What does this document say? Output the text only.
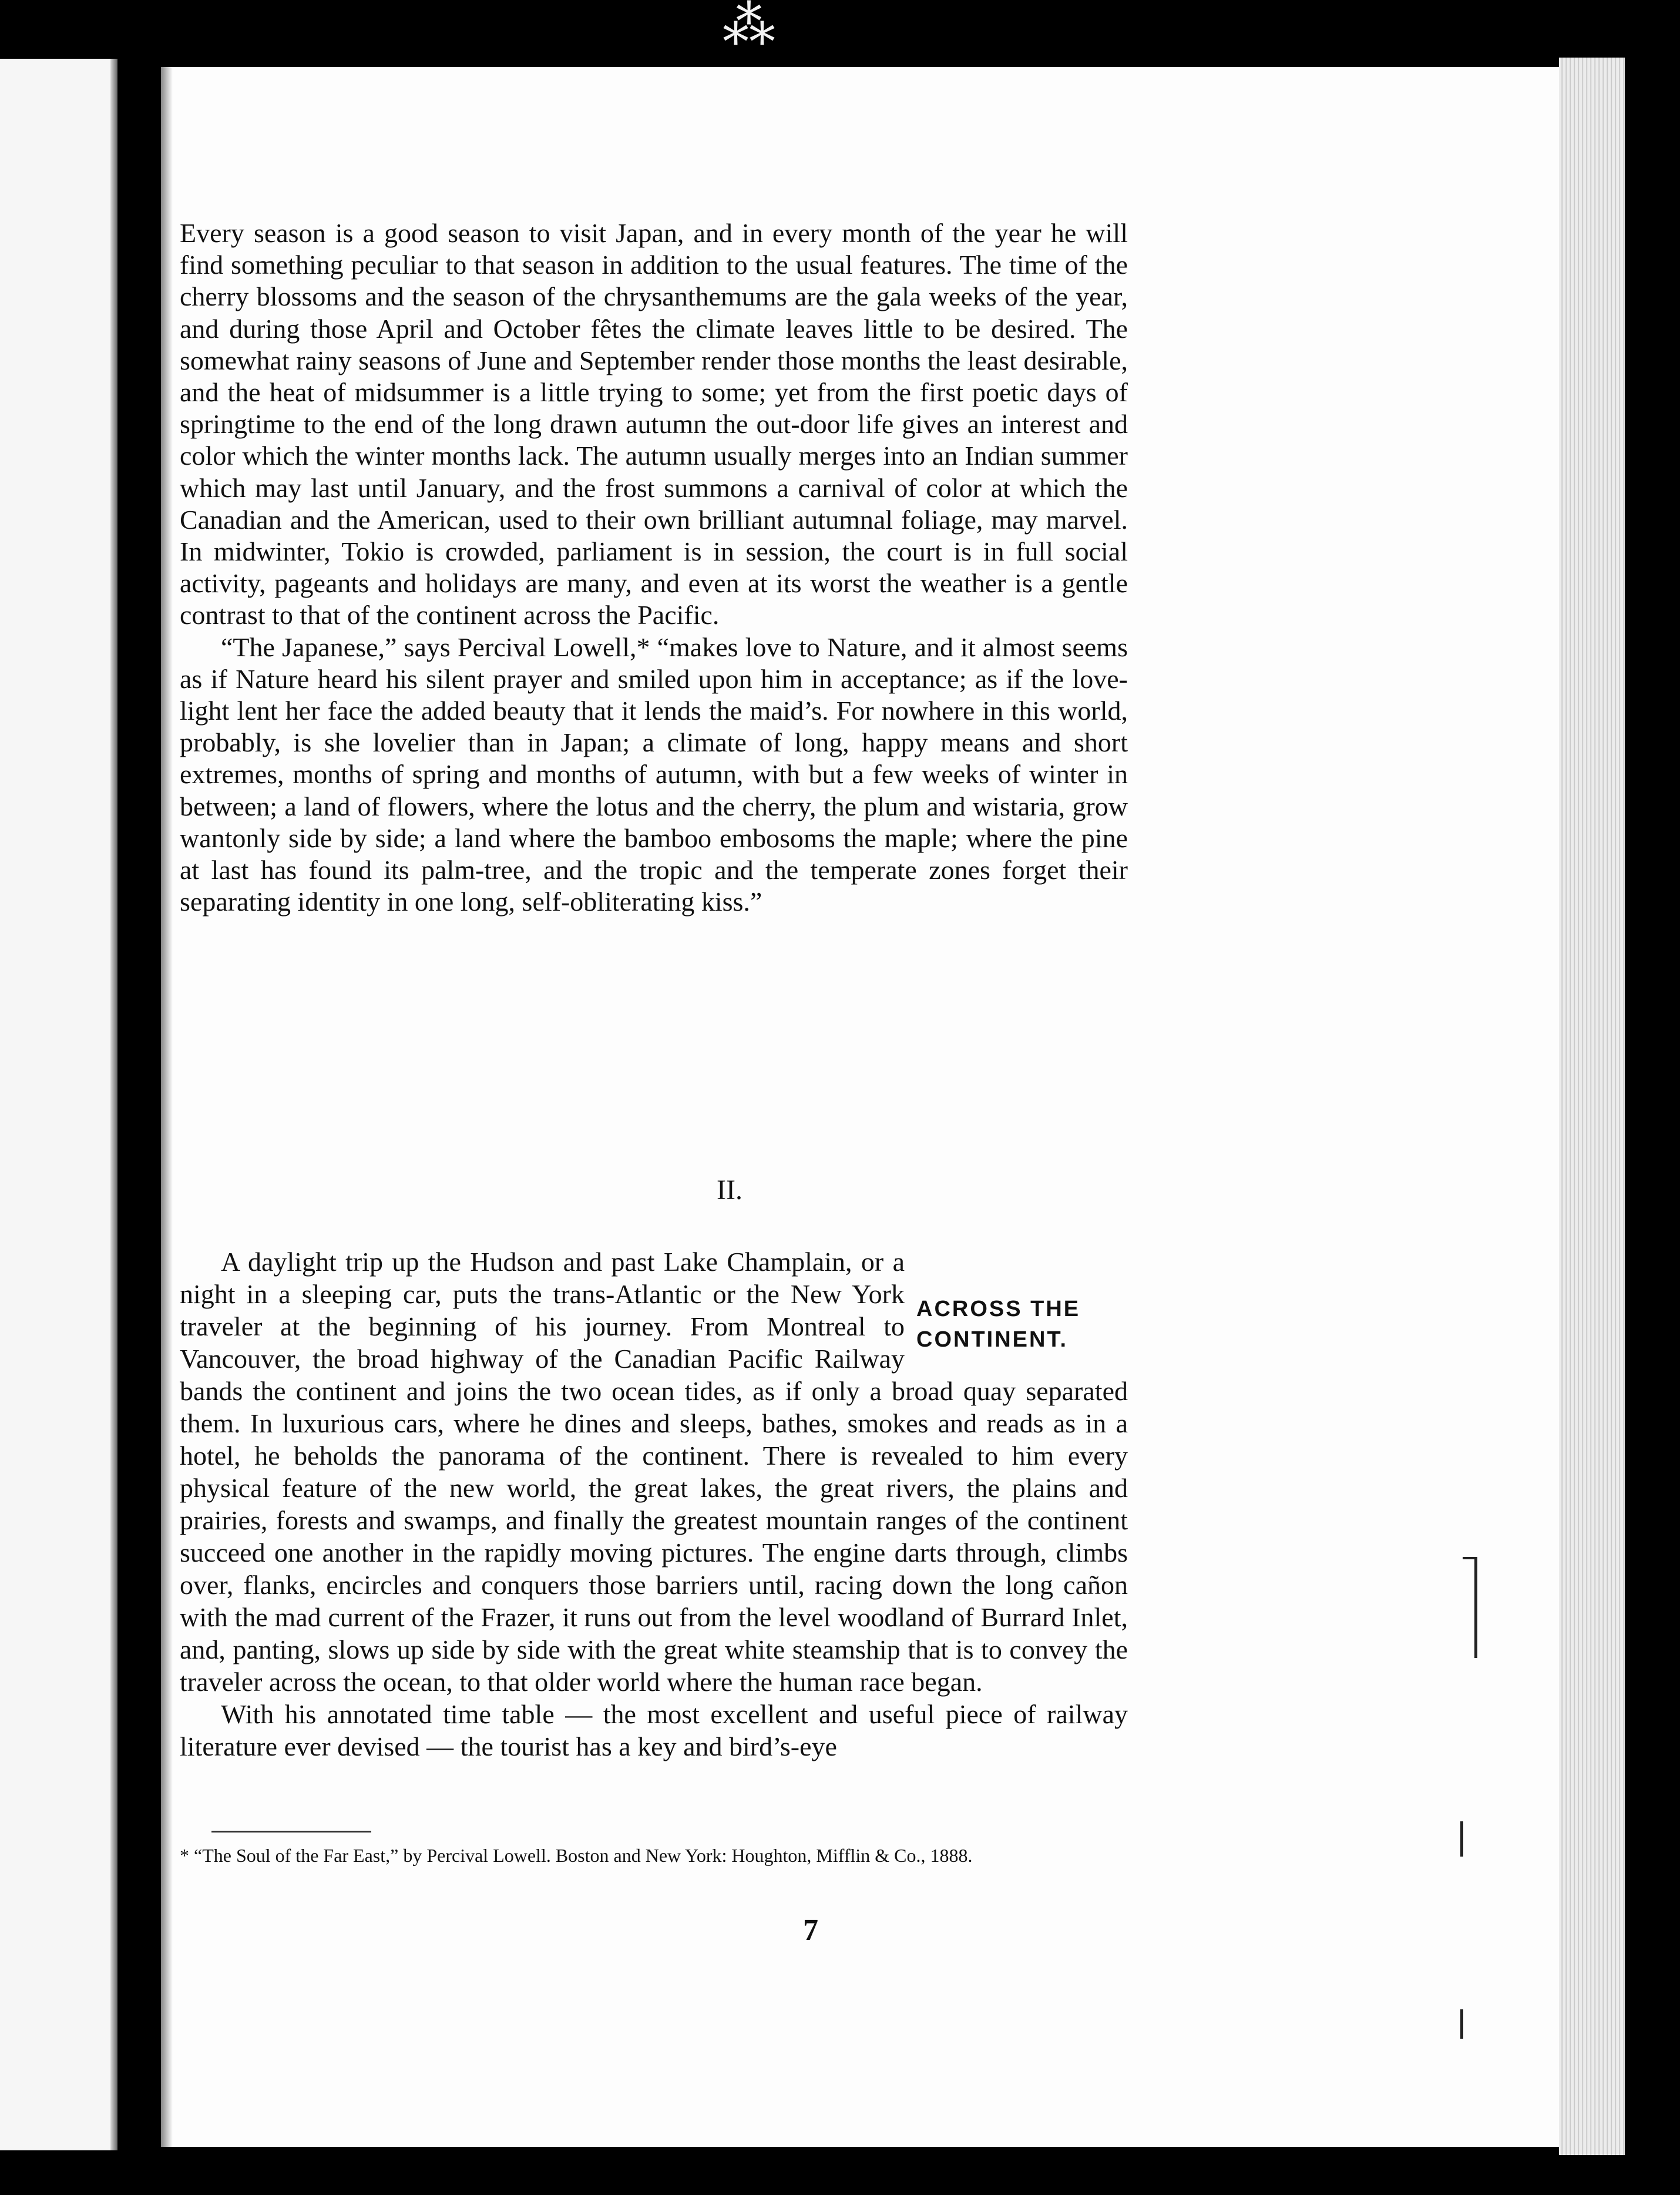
⁂

Every season is a good season to visit Japan, and in every month of the year he will find something peculiar to that season in addition to the usual features. The time of the cherry blossoms and the season of the chrysanthemums are the gala weeks of the year, and during those April and October fêtes the climate leaves little to be desired. The somewhat rainy seasons of June and September render those months the least desirable, and the heat of midsummer is a little trying to some; yet from the first poetic days of springtime to the end of the long drawn autumn the out-door life gives an interest and color which the winter months lack. The autumn usually merges into an Indian summer which may last until January, and the frost summons a carnival of color at which the Canadian and the American, used to their own brilliant autumnal foliage, may marvel. In midwinter, Tokio is crowded, parliament is in session, the court is in full social activity, pageants and holidays are many, and even at its worst the weather is a gentle contrast to that of the continent across the Pacific.

“The Japanese,” says Percival Lowell,* “makes love to Nature, and it almost seems as if Nature heard his silent prayer and smiled upon him in acceptance; as if the love-light lent her face the added beauty that it lends the maid’s. For nowhere in this world, probably, is she lovelier than in Japan; a climate of long, happy means and short extremes, months of spring and months of autumn, with but a few weeks of winter in between; a land of flowers, where the lotus and the cherry, the plum and wistaria, grow wantonly side by side; a land where the bamboo embosoms the maple; where the pine at last has found its palm-tree, and the tropic and the temperate zones forget their separating identity in one long, self-obliterating kiss.”

II.
ACROSS THE CONTINENT.

A daylight trip up the Hudson and past Lake Champlain, or a night in a sleeping car, puts the trans-Atlantic or the New York traveler at the beginning of his journey. From Montreal to Vancouver, the broad highway of the Canadian Pacific Railway bands the continent and joins the two ocean tides, as if only a broad quay separated them. In luxurious cars, where he dines and sleeps, bathes, smokes and reads as in a hotel, he beholds the panorama of the continent. There is revealed to him every physical feature of the new world, the great lakes, the great rivers, the plains and prairies, forests and swamps, and finally the greatest mountain ranges of the continent succeed one another in the rapidly moving pictures. The engine darts through, climbs over, flanks, encircles and conquers those barriers until, racing down the long cañon with the mad current of the Frazer, it runs out from the level woodland of Burrard Inlet, and, panting, slows up side by side with the great white steamship that is to convey the traveler across the ocean, to that older world where the human race began.

With his annotated time table — the most excellent and useful piece of railway literature ever devised — the tourist has a key and bird’s-eye

* “The Soul of the Far East,” by Percival Lowell. Boston and New York: Houghton, Mifflin & Co., 1888.
7
